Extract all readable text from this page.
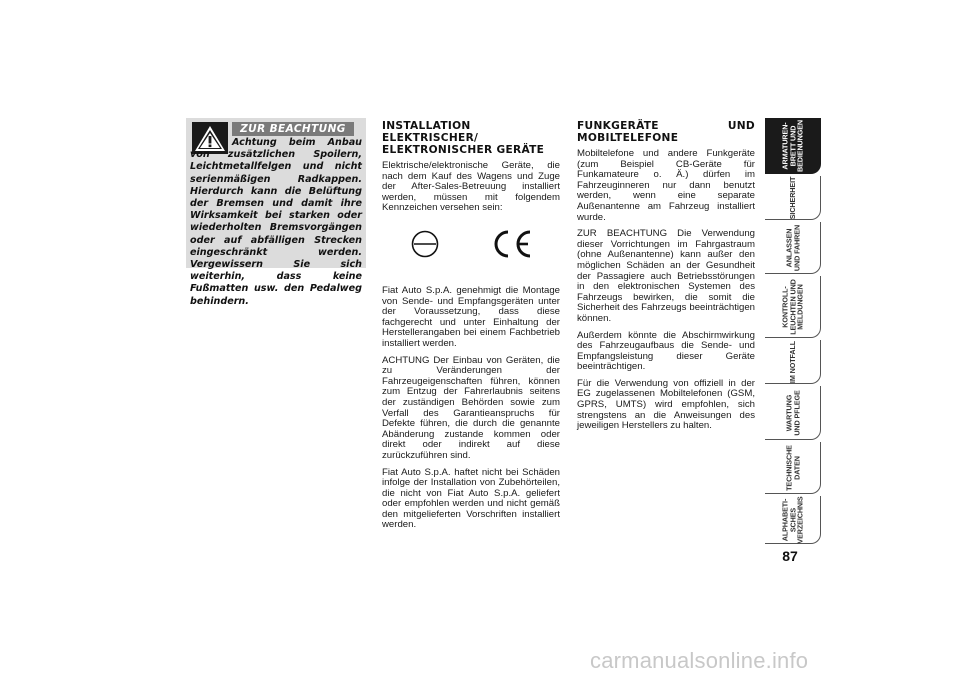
ZUR BEACHTUNG
Achtung beim Anbau von zusätzlichen Spoilern, Leichtmetallfelgen und nicht serienmäßigen Radkappen. Hierdurch kann die Belüftung der Bremsen und damit ihre Wirksamkeit bei starken oder wiederholten Bremsvorgängen oder auf abfälligen Strecken eingeschränkt werden. Vergewissern Sie sich weiterhin, dass keine Fußmatten usw. den Pedalweg behindern.
INSTALLATION ELEKTRISCHER/ ELEKTRONISCHER GERÄTE

Elektrische/elektronische Geräte, die nach dem Kauf des Wagens und Zuge der After-Sales-Betreuung installiert werden, müssen mit folgendem Kennzeichen versehen sein:

Fiat Auto S.p.A. genehmigt die Montage von Sende- und Empfangsgeräten unter der Voraussetzung, dass diese fachgerecht und unter Einhaltung der Herstellerangaben bei einem Fachbetrieb installiert werden.

ACHTUNG Der Einbau von Geräten, die zu Veränderungen der Fahrzeugeigenschaften führen, können zum Entzug der Fahrerlaubnis seitens der zuständigen Behörden sowie zum Verfall des Garantieanspruchs für Defekte führen, die durch die genannte Abänderung zustande kommen oder direkt oder indirekt auf diese zurückzuführen sind.

Fiat Auto S.p.A. haftet nicht bei Schäden infolge der Installation von Zubehörteilen, die nicht von Fiat Auto S.p.A. geliefert oder empfohlen werden und nicht gemäß den mitgelieferten Vorschriften installiert werden.

FUNKGERÄTE UND MOBILTELEFONE

Mobiltelefone und andere Funkgeräte (zum Beispiel CB-Geräte für Funkamateure o. Ä.) dürfen im Fahrzeuginneren nur dann benutzt werden, wenn eine separate Außenantenne am Fahrzeug installiert wurde.

ZUR BEACHTUNG Die Verwendung dieser Vorrichtungen im Fahrgastraum (ohne Außenantenne) kann außer den möglichen Schäden an der Gesundheit der Passagiere auch Betriebsstörungen in den elektronischen Systemen des Fahrzeugs bewirken, die somit die Sicherheit des Fahrzeugs beeinträchtigen können.

Außerdem könnte die Abschirmwirkung des Fahrzeugaufbaus die Sende- und Empfangsleistung dieser Geräte beeinträchtigen.

Für die Verwendung von offiziell in der EG zugelassenen Mobiltelefonen (GSM, GPRS, UMTS) wird empfohlen, sich strengstens an die Anweisungen des jeweiligen Herstellers zu halten.

ARMATUREN-
BRETT UND
BEDIENUNGEN
SICHERHEIT
ANLASSEN
UND FAHREN
KONTROLL-
LEUCHTEN UND
MELDUNGEN
IM NOTFALL
WARTUNG
UND PFLEGE
TECHNISCHE
DATEN
ALPHABETI-
SCHES
VERZEICHNIS
87
carmanualsonline.info
